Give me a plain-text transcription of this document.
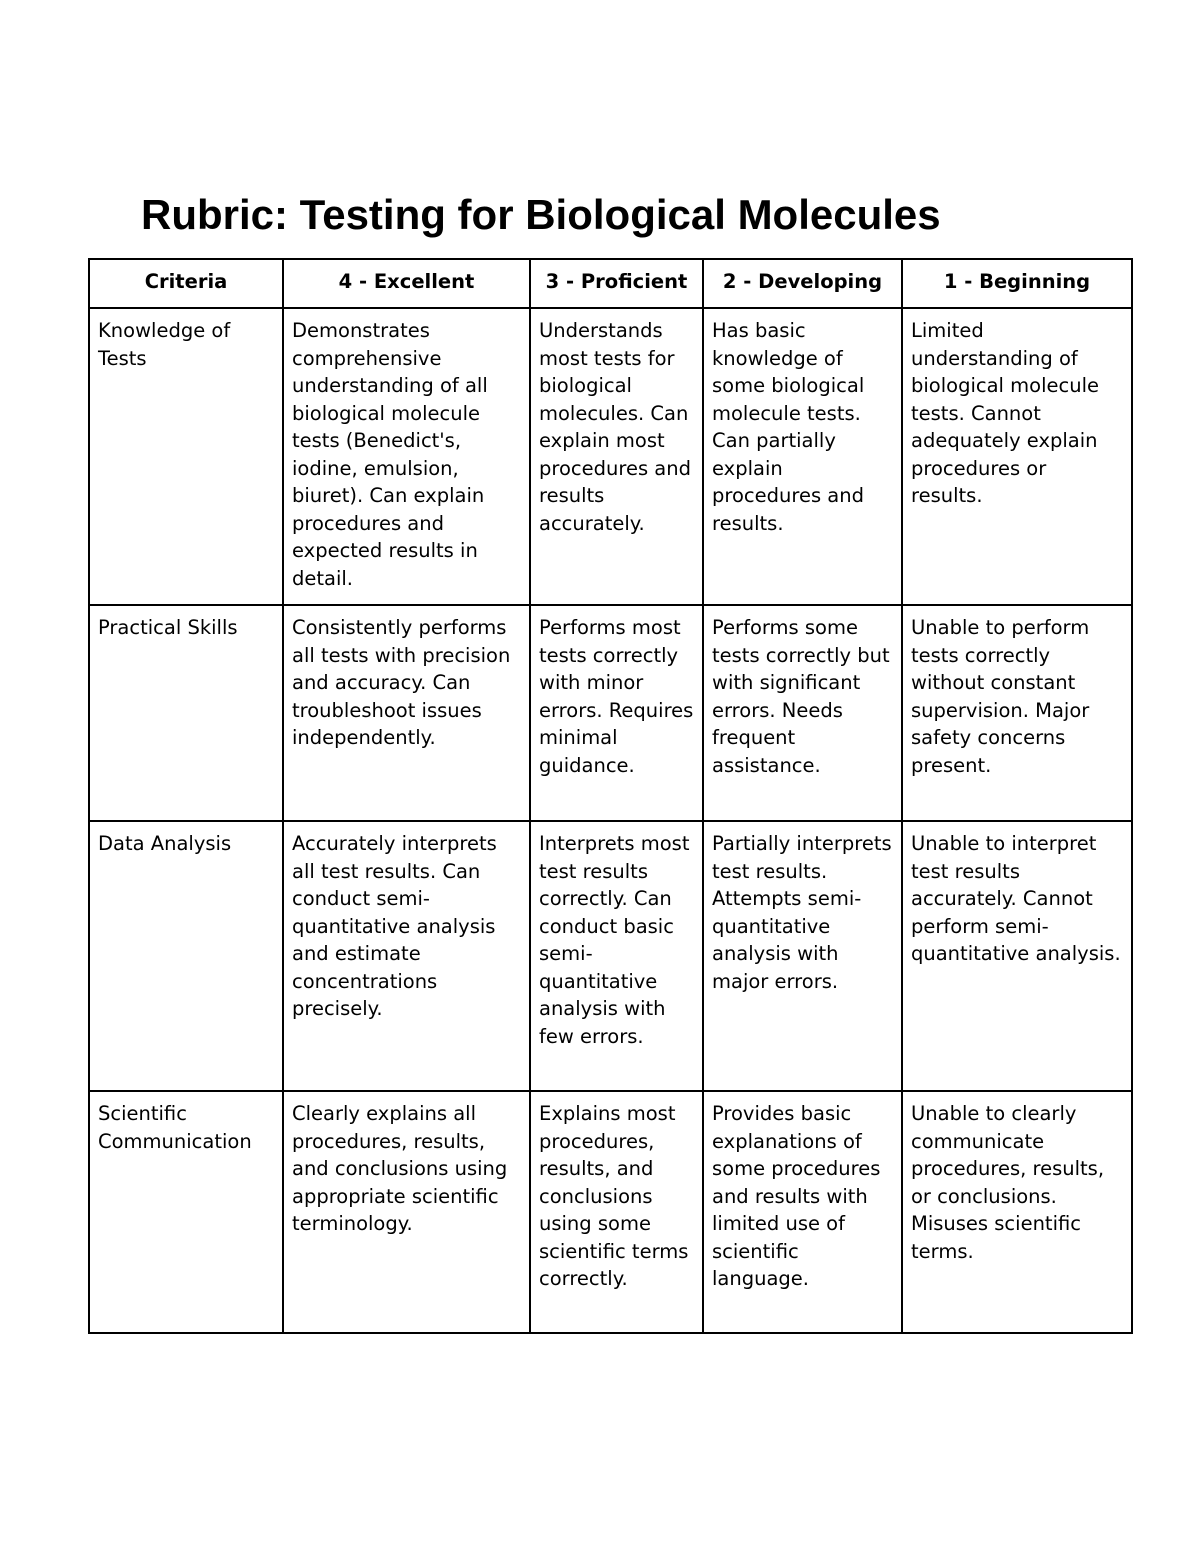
Rubric: Testing for Biological Molecules
Criteria	4 - Excellent	3 - Proficient	2 - Developing	1 - Beginning
Knowledge of Tests	Demonstrates comprehensive understanding of all biological molecule tests (Benedict's, iodine, emulsion, biuret). Can explain procedures and expected results in detail.	Understands most tests for biological molecules. Can explain most procedures and results accurately.	Has basic knowledge of some biological molecule tests. Can partially explain procedures and results.	Limited understanding of biological molecule tests. Cannot adequately explain procedures or results.
Practical Skills	Consistently performs all tests with precision and accuracy. Can troubleshoot issues independently.	Performs most tests correctly with minor errors. Requires minimal guidance.	Performs some tests correctly but with significant errors. Needs frequent assistance.	Unable to perform tests correctly without constant supervision. Major safety concerns present.
Data Analysis	Accurately interprets all test results. Can conduct semi-quantitative analysis and estimate concentrations precisely.	Interprets most test results correctly. Can conduct basic semi-quantitative analysis with few errors.	Partially interprets test results. Attempts semi-quantitative analysis with major errors.	Unable to interpret test results accurately. Cannot perform semi-quantitative analysis.
Scientific Communication	Clearly explains all procedures, results, and conclusions using appropriate scientific terminology.	Explains most procedures, results, and conclusions using some scientific terms correctly.	Provides basic explanations of some procedures and results with limited use of scientific language.	Unable to clearly communicate procedures, results, or conclusions. Misuses scientific terms.
